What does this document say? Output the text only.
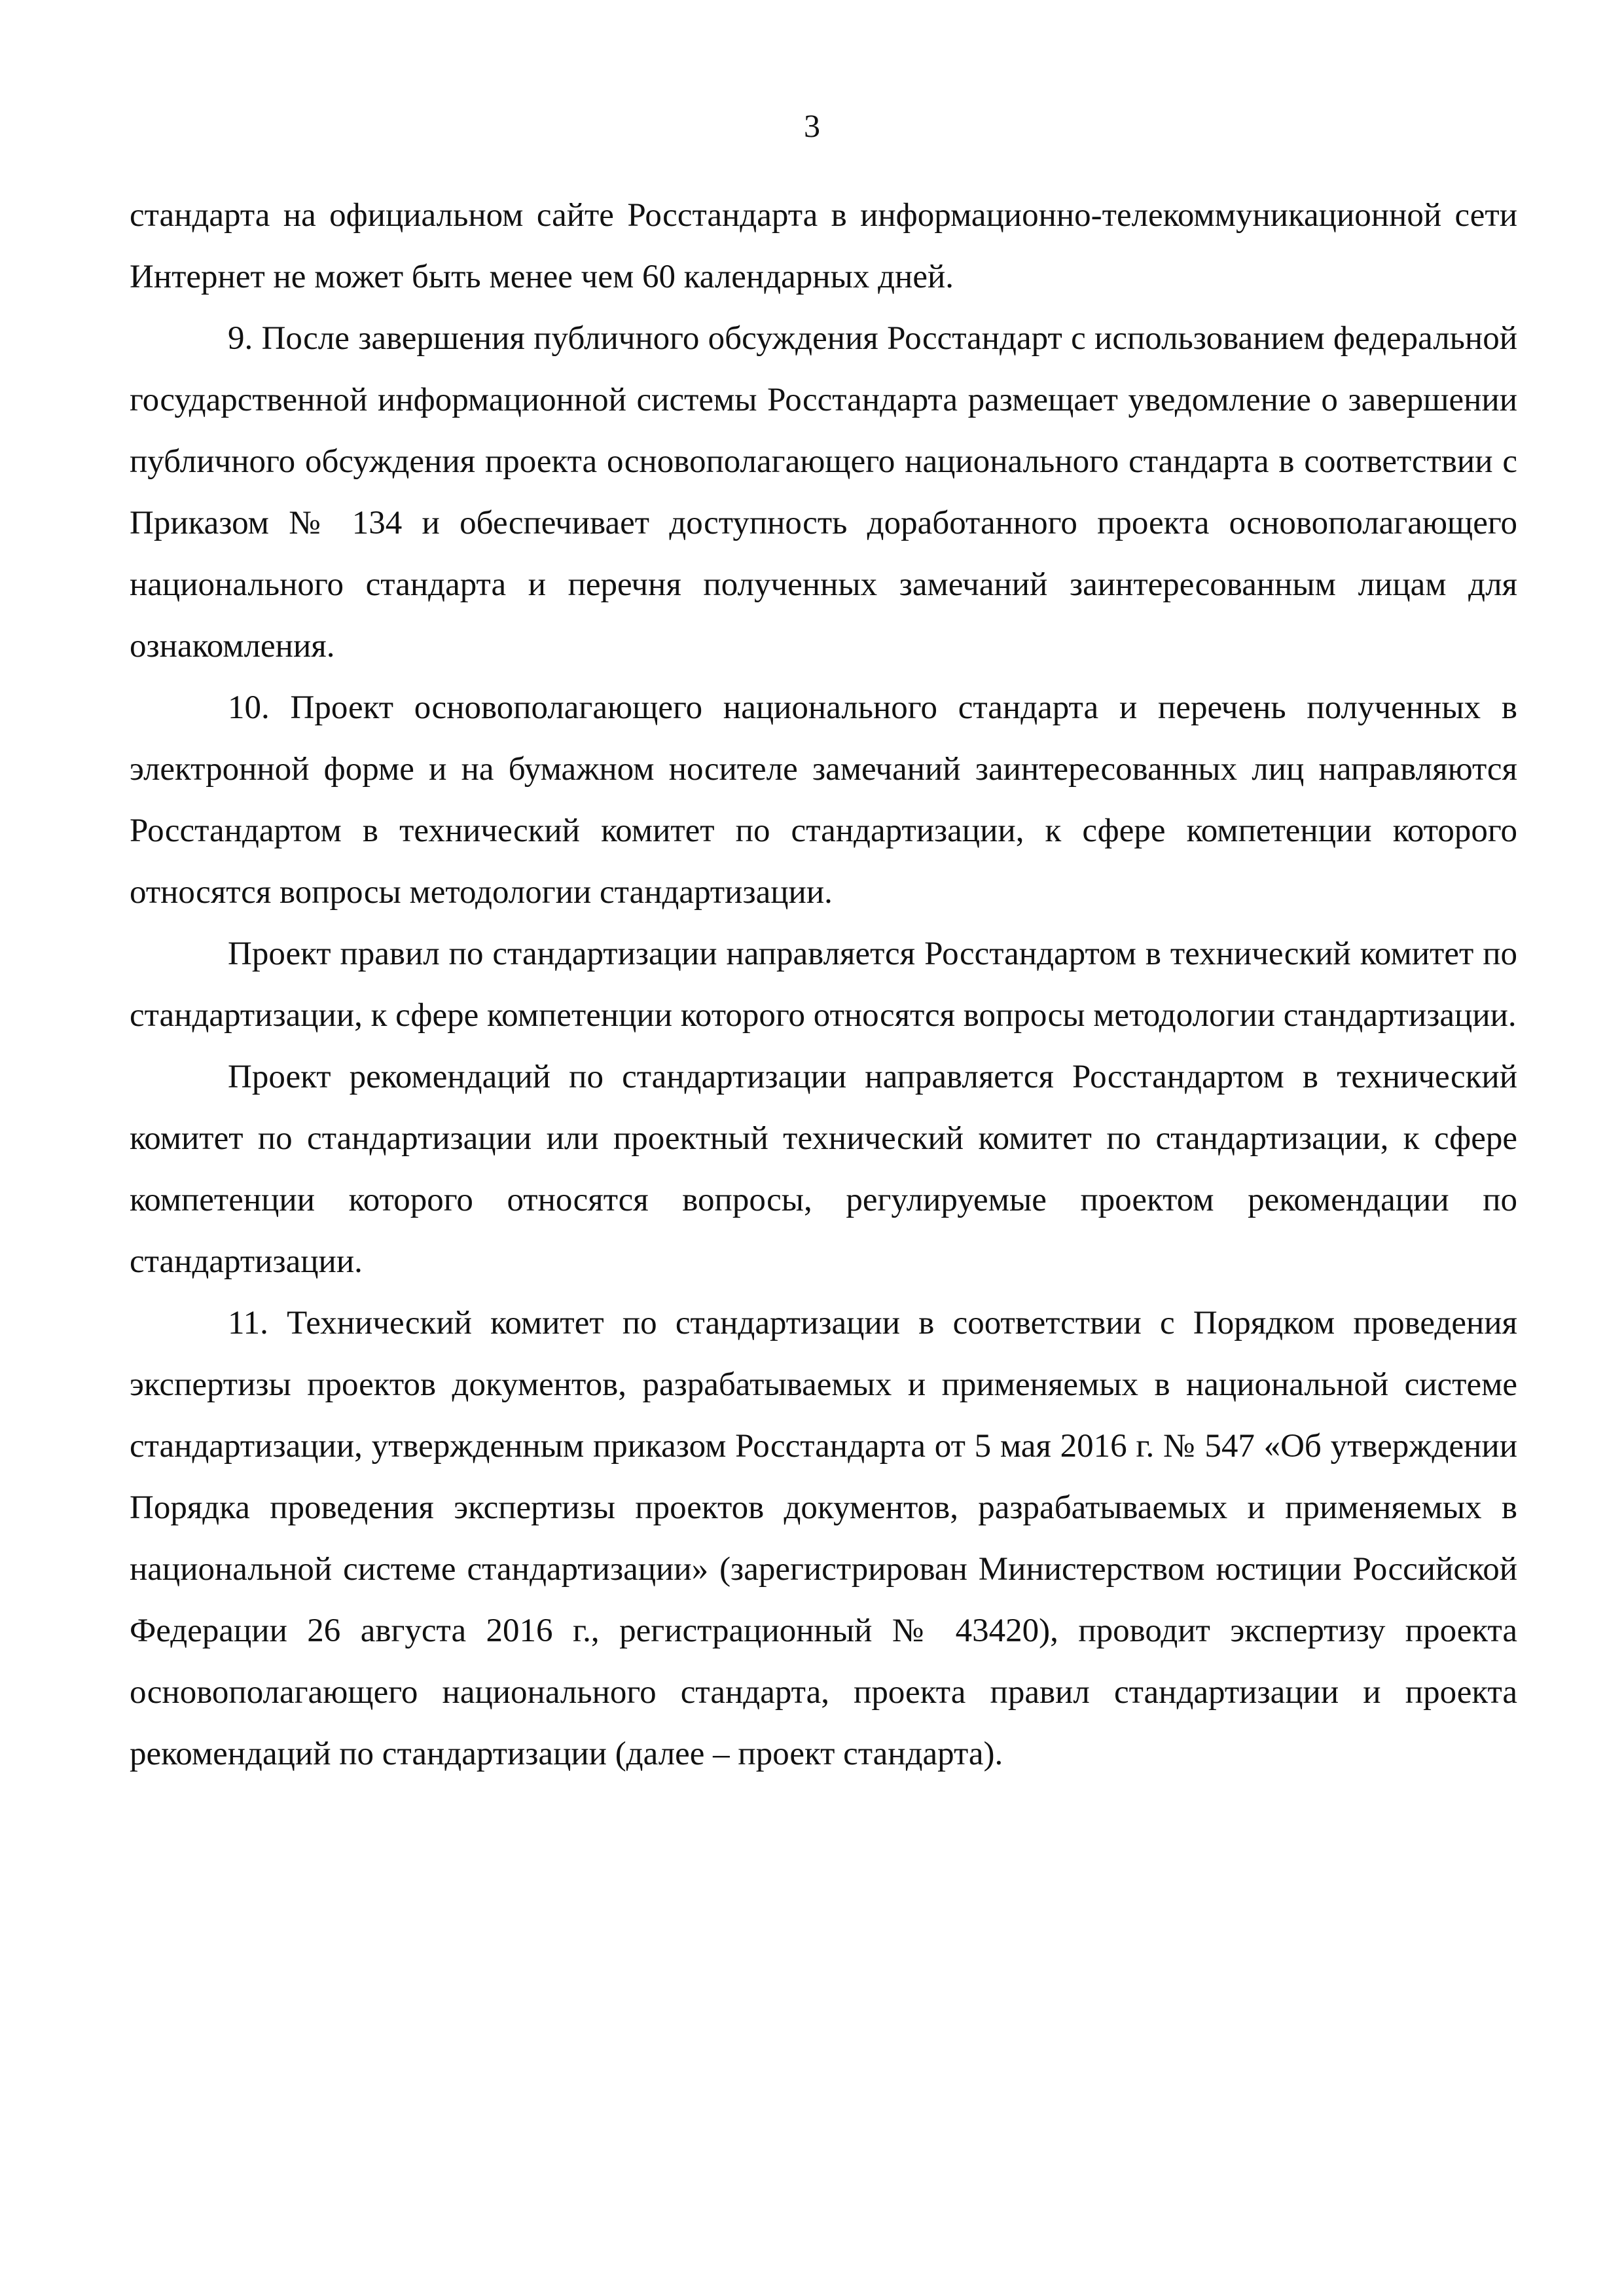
3

стандарта на официальном сайте Росстандарта в информационно-телекоммуникационной сети Интернет не может быть менее чем 60 календарных дней.

9. После завершения публичного обсуждения Росстандарт с использованием федеральной государственной информационной системы Росстандарта размещает уведомление о завершении публичного обсуждения проекта основополагающего национального стандарта в соответствии с Приказом № 134 и обеспечивает доступность доработанного проекта основополагающего национального стандарта и перечня полученных замечаний заинтересованным лицам для ознакомления.

10. Проект основополагающего национального стандарта и перечень полученных в электронной форме и на бумажном носителе замечаний заинтересованных лиц направляются Росстандартом в технический комитет по стандартизации, к сфере компетенции которого относятся вопросы методологии стандартизации.

Проект правил по стандартизации направляется Росстандартом в технический комитет по стандартизации, к сфере компетенции которого относятся вопросы методологии стандартизации.

Проект рекомендаций по стандартизации направляется Росстандартом в технический комитет по стандартизации или проектный технический комитет по стандартизации, к сфере компетенции которого относятся вопросы, регулируемые проектом рекомендации по стандартизации.

11. Технический комитет по стандартизации в соответствии с Порядком проведения экспертизы проектов документов, разрабатываемых и применяемых в национальной системе стандартизации, утвержденным приказом Росстандарта от 5 мая 2016 г. № 547 «Об утверждении Порядка проведения экспертизы проектов документов, разрабатываемых и применяемых в национальной системе стандартизации» (зарегистрирован Министерством юстиции Российской Федерации 26 августа 2016 г., регистрационный № 43420), проводит экспертизу проекта основополагающего национального стандарта, проекта правил стандартизации и проекта рекомендаций по стандартизации (далее – проект стандарта).
